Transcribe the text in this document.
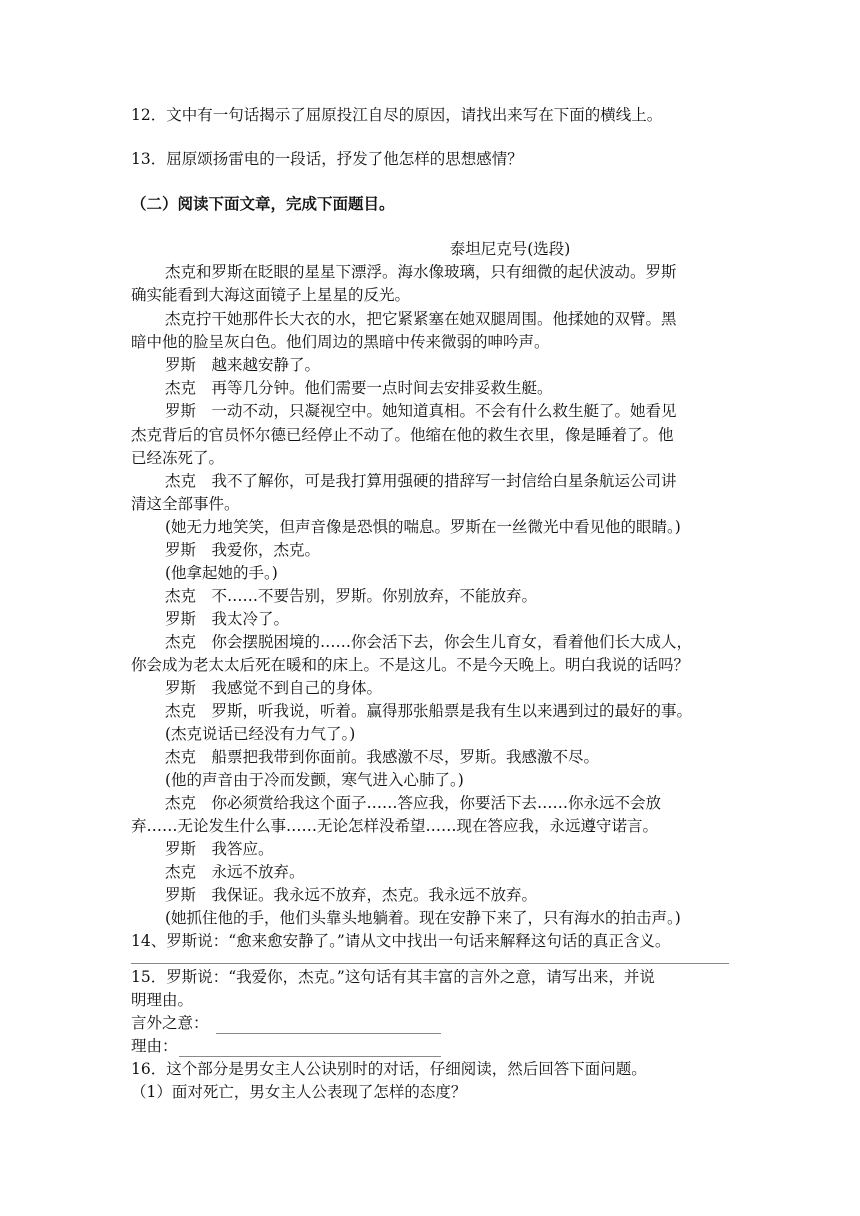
12．文中有一句话揭示了屈原投江自尽的原因，请找出来写在下面的横线上。
13．屈原颂扬雷电的一段话，抒发了他怎样的思想感情？
（二）阅读下面文章，完成下面题目。
泰坦尼克号(选段)
杰克和罗斯在眨眼的星星下漂浮。海水像玻璃，只有细微的起伏波动。罗斯
确实能看到大海这面镜子上星星的反光。
杰克拧干她那件长大衣的水，把它紧紧塞在她双腿周围。他揉她的双臂。黑
暗中他的脸呈灰白色。他们周边的黑暗中传来微弱的呻吟声。
罗斯　越来越安静了。
杰克　再等几分钟。他们需要一点时间去安排妥救生艇。
罗斯　一动不动，只凝视空中。她知道真相。不会有什么救生艇了。她看见
杰克背后的官员怀尔德已经停止不动了。他缩在他的救生衣里，像是睡着了。他
已经冻死了。
杰克　我不了解你，可是我打算用强硬的措辞写一封信给白星条航运公司讲
清这全部事件。
(她无力地笑笑，但声音像是恐惧的喘息。罗斯在一丝微光中看见他的眼睛。)
罗斯　我爱你，杰克。
(他拿起她的手。)
杰克　不……不要告别，罗斯。你别放弃，不能放弃。
罗斯　我太冷了。
杰克　你会摆脱困境的……你会活下去，你会生儿育女，看着他们长大成人，
你会成为老太太后死在暖和的床上。不是这儿。不是今天晚上。明白我说的话吗？
罗斯　我感觉不到自己的身体。
杰克　罗斯，听我说，听着。赢得那张船票是我有生以来遇到过的最好的事。
(杰克说话已经没有力气了。)
杰克　船票把我带到你面前。我感激不尽，罗斯。我感激不尽。
(他的声音由于冷而发颤，寒气进入心肺了。)
杰克　你必须赏给我这个面子……答应我，你要活下去……你永远不会放
弃……无论发生什么事……无论怎样没希望……现在答应我，永远遵守诺言。
罗斯　我答应。
杰克　永远不放弃。
罗斯　我保证。我永远不放弃，杰克。我永远不放弃。
(她抓住他的手，他们头靠头地躺着。现在安静下来了，只有海水的拍击声。)
14、罗斯说：“愈来愈安静了。”请从文中找出一句话来解释这句话的真正含义。
15．罗斯说：“我爱你，杰克。”这句话有其丰富的言外之意，请写出来，并说
明理由。
言外之意：
理由：
16．这个部分是男女主人公诀别时的对话，仔细阅读，然后回答下面问题。
（1）面对死亡，男女主人公表现了怎样的态度？
